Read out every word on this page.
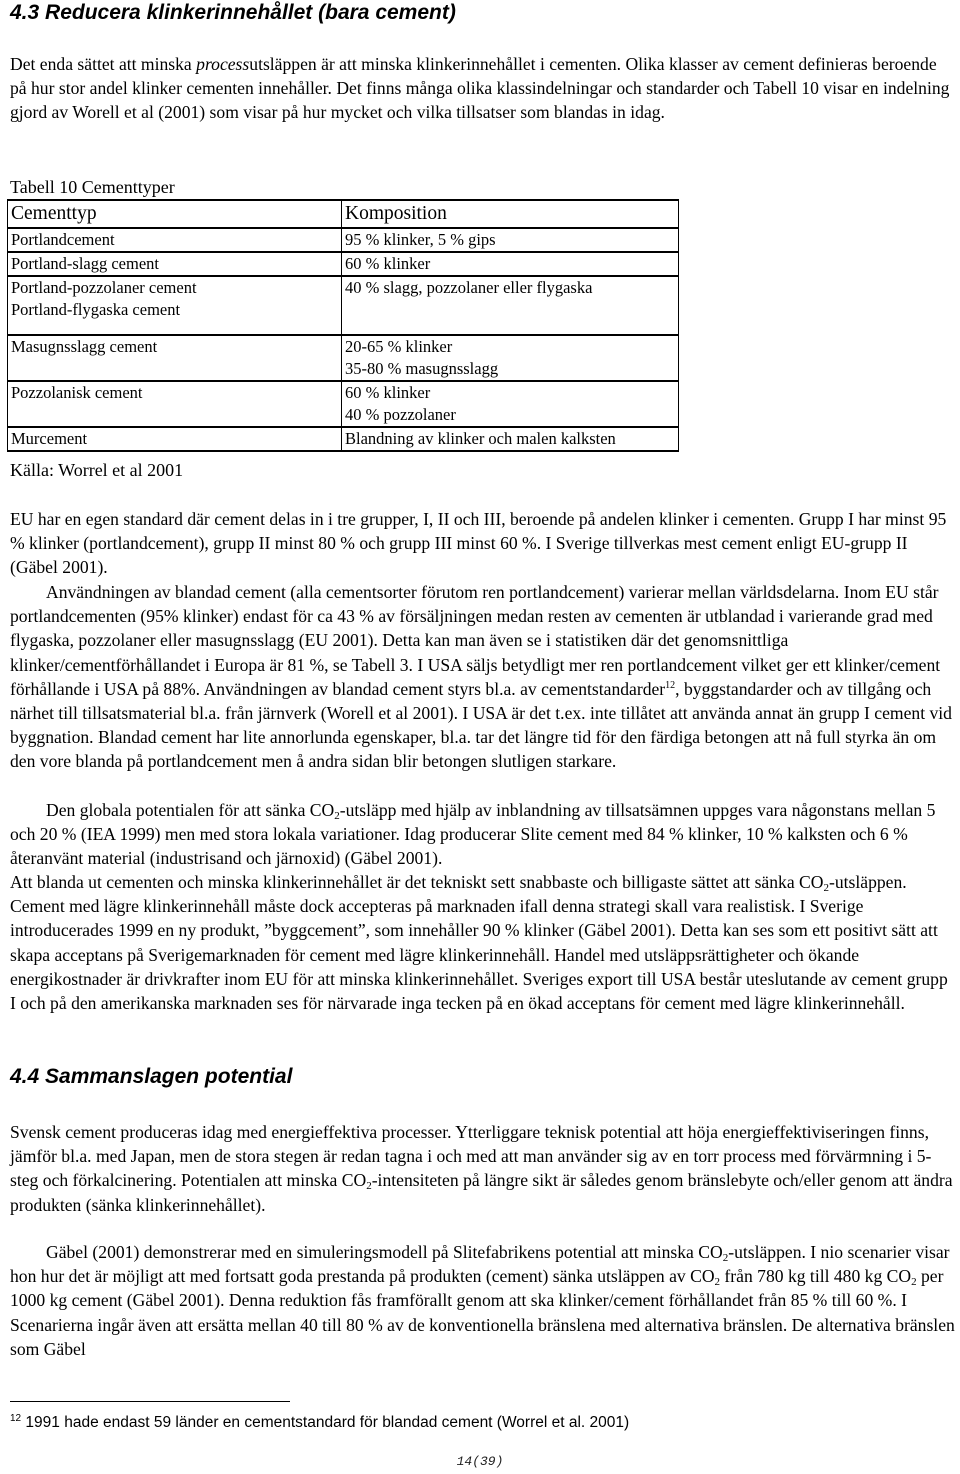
4.3 Reducera klinkerinnehållet (bara cement)

Det enda sättet att minska processutsläppen är att minska klinkerinnehållet i cementen. Olika klasser av cement definieras beroende på hur stor andel klinker cementen innehåller. Det finns många olika klassindelningar och standarder och Tabell 10 visar en indelning gjord av Worell et al (2001) som visar på hur mycket och vilka tillsatser som blandas in idag.

Tabell 10 Cementtyper
Cementtyp	Komposition

Portlandcement	95 % klinker, 5 % gips

Portland-slagg cement	60 % klinker

Portland-pozzolaner cement
Portland-flygaska cement	40 % slagg, pozzolaner eller flygaska

Masugnsslagg cement	20-65 % klinker
35-80 % masugnsslagg

Pozzolanisk cement	60 % klinker
40 % pozzolaner

Murcement	Blandning av klinker och malen kalksten
Källa: Worrel et al 2001

EU har en egen standard där cement delas in i tre grupper, I, II och III, beroende på andelen klinker i cementen. Grupp I har minst 95 % klinker (portlandcement), grupp II minst 80 % och grupp III minst 60 %. I Sverige tillverkas mest cement enligt EU-grupp II (Gäbel 2001).

Användningen av blandad cement (alla cementsorter förutom ren portlandcement) varierar mellan världsdelarna. Inom EU står portlandcementen (95% klinker) endast för ca 43 % av försäljningen medan resten av cementen är utblandad i varierande grad med flygaska, pozzolaner eller masugnsslagg (EU 2001). Detta kan man även se i statistiken där det genomsnittliga klinker/cementförhållandet i Europa är 81 %, se Tabell 3. I USA säljs betydligt mer ren portlandcement vilket ger ett klinker/cement förhållande i USA på 88%. Användningen av blandad cement styrs bl.a. av cementstandarder$^{12}$, byggstandarder och av tillgång och närhet till tillsatsmaterial bl.a. från järnverk (Worell et al 2001). I USA är det t.ex. inte tillåtet att använda annat än grupp I cement vid byggnation. Blandad cement har lite annorlunda egenskaper, bl.a. tar det längre tid för den färdiga betongen att nå full styrka än om den vore blanda på portlandcement men å andra sidan blir betongen slutligen starkare.

Den globala potentialen för att sänka $CO_2$-utsläpp med hjälp av inblandning av tillsatsämnen uppges vara någonstans mellan 5 och 20 % (IEA 1999) men med stora lokala variationer. Idag producerar Slite cement med 84 % klinker, 10 % kalksten och 6 % återanvänt material (industrisand och järnoxid) (Gäbel 2001).

Att blanda ut cementen och minska klinkerinnehållet är det tekniskt sett snabbaste och billigaste sättet att sänka $CO_2$-utsläppen. Cement med lägre klinkerinnehåll måste dock accepteras på marknaden ifall denna strategi skall vara realistisk. I Sverige introducerades 1999 en ny produkt, ”byggcement”, som innehåller 90 % klinker (Gäbel 2001). Detta kan ses som ett positivt sätt att skapa acceptans på Sverigemarknaden för cement med lägre klinkerinnehåll. Handel med utsläppsrättigheter och ökande energikostnader är drivkrafter inom EU för att minska klinkerinnehållet. Sveriges export till USA består uteslutande av cement grupp I och på den amerikanska marknaden ses för närvarade inga tecken på en ökad acceptans för cement med lägre klinkerinnehåll.

4.4 Sammanslagen potential

Svensk cement produceras idag med energieffektiva processer. Ytterliggare teknisk potential att höja energieffektiviseringen finns, jämför bl.a. med Japan, men de stora stegen är redan tagna i och med att man använder sig av en torr process med förvärmning i 5-steg och förkalcinering. Potentialen att minska $CO_2$-intensiteten på längre sikt är således genom bränslebyte och/eller genom att ändra produkten (sänka klinkerinnehållet).

Gäbel (2001) demonstrerar med en simuleringsmodell på Slitefabrikens potential att minska $CO_2$-utsläppen. I nio scenarier visar hon hur det är möjligt att med fortsatt goda prestanda på produkten (cement) sänka utsläppen av $CO_2$ från 780 kg till 480 kg $CO_2$ per 1000 kg cement (Gäbel 2001). Denna reduktion fås framförallt genom att ska klinker/cement förhållandet från 85 % till 60 %. I Scenarierna ingår även att ersätta mellan 40 till 80 % av de konventionella bränslena med alternativa bränslen. De alternativa bränslen som Gäbel

$^{12}$ 1991 hade endast 59 länder en cementstandard för blandad cement (Worrel et al. 2001)
14(39)
